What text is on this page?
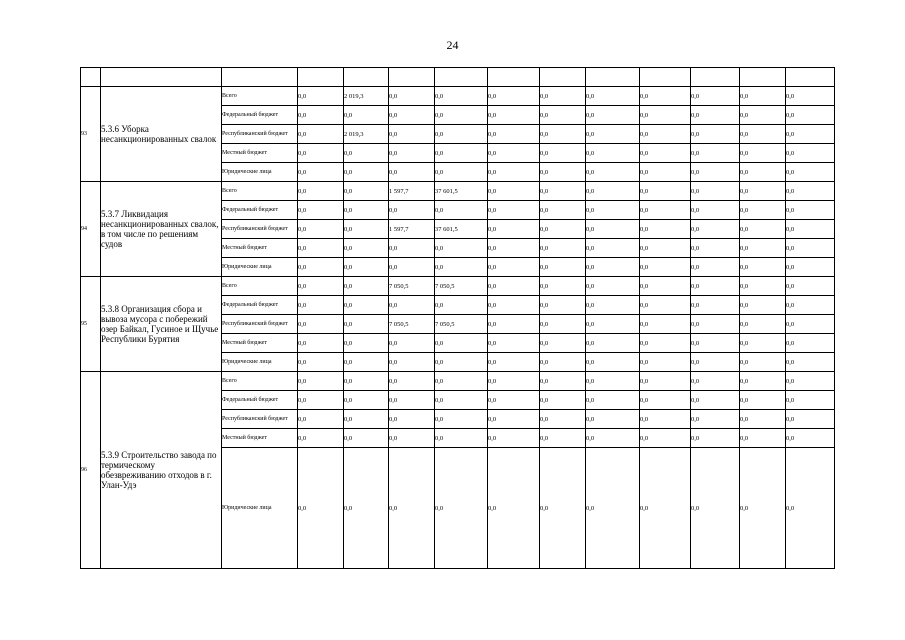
24

93	5.3.6 Уборка несанкционированных свалок	Всего	0,0	2 019,3	0,0	0,0	0,0	0,0	0,0	0,0	0,0	0,0	0,0
		Федеральный бюджет	0,0	0,0	0,0	0,0	0,0	0,0	0,0	0,0	0,0	0,0	0,0
		Республиканский бюджет	0,0	2 019,3	0,0	0,0	0,0	0,0	0,0	0,0	0,0	0,0	0,0
		Местный бюджет	0,0	0,0	0,0	0,0	0,0	0,0	0,0	0,0	0,0	0,0	0,0
		Юридические лица	0,0	0,0	0,0	0,0	0,0	0,0	0,0	0,0	0,0	0,0	0,0
94	5.3.7 Ликвидация несанкционированных свалок, в том числе по решениям судов	Всего	0,0	0,0	1 597,7	37 601,5	0,0	0,0	0,0	0,0	0,0	0,0	0,0
		Федеральный бюджет	0,0	0,0	0,0	0,0	0,0	0,0	0,0	0,0	0,0	0,0	0,0
		Республиканский бюджет	0,0	0,0	1 597,7	37 601,5	0,0	0,0	0,0	0,0	0,0	0,0	0,0
		Местный бюджет	0,0	0,0	0,0	0,0	0,0	0,0	0,0	0,0	0,0	0,0	0,0
		Юридические лица	0,0	0,0	0,0	0,0	0,0	0,0	0,0	0,0	0,0	0,0	0,0
95	5.3.8 Организация сбора и вывоза мусора с побережий озер Байкал, Гусиное и Щучье Республики Бурятия	Всего	0,0	0,0	7 050,5	7 050,5	0,0	0,0	0,0	0,0	0,0	0,0	0,0
		Федеральный бюджет	0,0	0,0	0,0	0,0	0,0	0,0	0,0	0,0	0,0	0,0	0,0
		Республиканский бюджет	0,0	0,0	7 050,5	7 050,5	0,0	0,0	0,0	0,0	0,0	0,0	0,0
		Местный бюджет	0,0	0,0	0,0	0,0	0,0	0,0	0,0	0,0	0,0	0,0	0,0
		Юридические лица	0,0	0,0	0,0	0,0	0,0	0,0	0,0	0,0	0,0	0,0	0,0
96	5.3.9 Строительство завода по термическому обезвреживанию отходов в г. Улан-Удэ	Всего	0,0	0,0	0,0	0,0	0,0	0,0	0,0	0,0	0,0	0,0	0,0
		Федеральный бюджет	0,0	0,0	0,0	0,0	0,0	0,0	0,0	0,0	0,0	0,0	0,0
		Республиканский бюджет	0,0	0,0	0,0	0,0	0,0	0,0	0,0	0,0	0,0	0,0	0,0
		Местный бюджет	0,0	0,0	0,0	0,0	0,0	0,0	0,0	0,0	0,0	0,0	0,0
		Юридические лица	0,0	0,0	0,0	0,0	0,0	0,0	0,0	0,0	0,0	0,0	0,0
